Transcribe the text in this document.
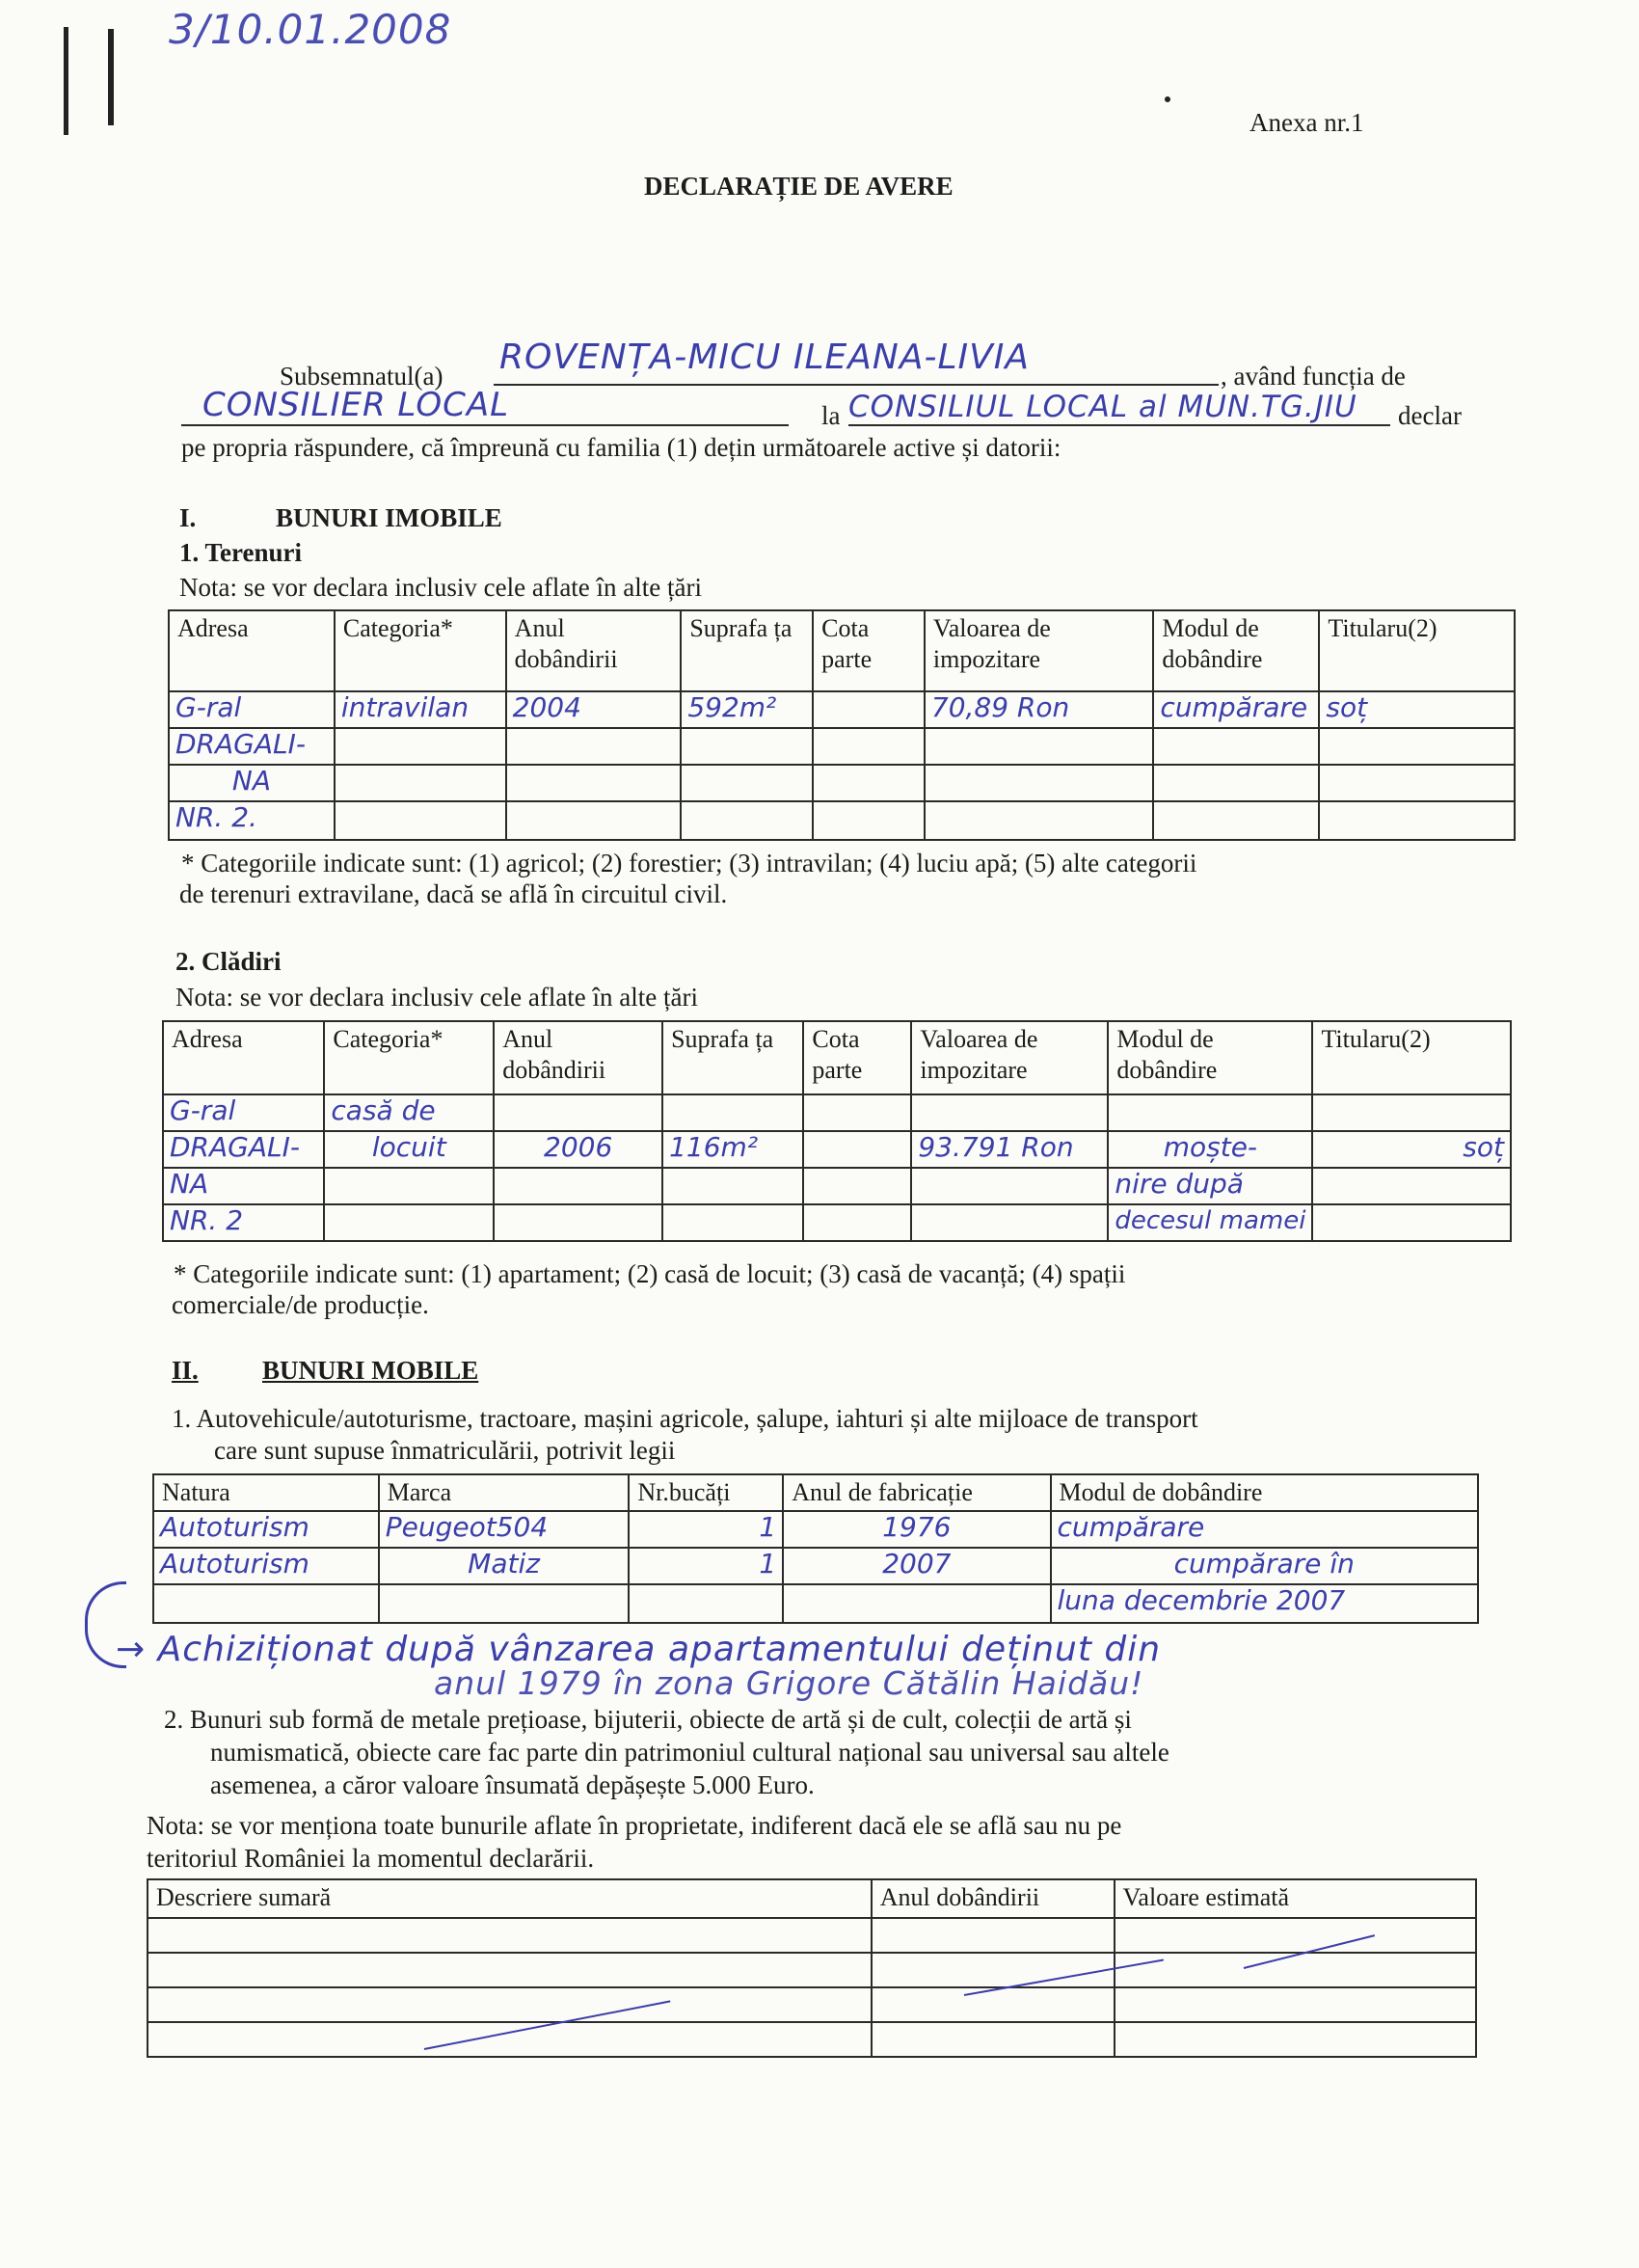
3/10.01.2008
Anexa nr.1
DECLARAȚIE DE AVERE
Subsemnatul(a) ROVENȚA-MICU ILEANA-LIVIA	, având funcția de
CONSILIER LOCAL	la CONSILIUL LOCAL al MUN.TG.JIU declar
pe propria răspundere, că împreună cu familia (1) dețin următoarele active și datorii:
I.	BUNURI IMOBILE
1. Terenuri
Nota: se vor declara inclusiv cele aflate în alte țări
Adresa	Categoria*	Anul dobândirii	Suprafa ța	Cota parte	Valoarea de impozitare	Modul de dobândire	Titularu(2)
G-ral	intravilan	2004	592m²		70,89 Ron	cumpărare	soț
DRAGALI-							
NA							
NR. 2.							
* Categoriile indicate sunt: (1) agricol; (2) forestier; (3) intravilan; (4) luciu apă; (5) alte categorii
de terenuri extravilane, dacă se află în circuitul civil.
2. Clădiri
Nota: se vor declara inclusiv cele aflate în alte țări
Adresa	Categoria*	Anul dobândirii	Suprafa ța	Cota parte	Valoarea de impozitare	Modul de dobândire	Titularu(2)
G-ral	casă de						
DRAGALI-	locuit	2006	116m²		93.791 Ron	moște-	soț
NA						nire după	
NR. 2						decesul mamei	
* Categoriile indicate sunt: (1) apartament; (2) casă de locuit; (3) casă de vacanță; (4) spații
comerciale/de producție.
II. BUNURI MOBILE
1. Autovehicule/autoturisme, tractoare, mașini agricole, șalupe, iahturi și alte mijloace de transport
care sunt supuse înmatriculării, potrivit legii
Natura	Marca	Nr.bucăți	Anul de fabricație	Modul de dobândire
Autoturism	Peugeot504	1	1976	cumpărare
Autoturism	Matiz	1	2007	cumpărare în
				luna decembrie 2007
→ Achiziționat după vânzarea apartamentului deținut din
anul 1979 în zona Grigore Cătălin Haidău!
2. Bunuri sub formă de metale prețioase, bijuterii, obiecte de artă și de cult, colecții de artă și
numismatică, obiecte care fac parte din patrimoniul cultural național sau universal sau altele
asemenea, a căror valoare însumată depășește 5.000 Euro.
Nota: se vor menționa toate bunurile aflate în proprietate, indiferent dacă ele se află sau nu pe
teritoriul României la momentul declarării.
Descriere sumară	Anul dobândirii	Valoare estimată
